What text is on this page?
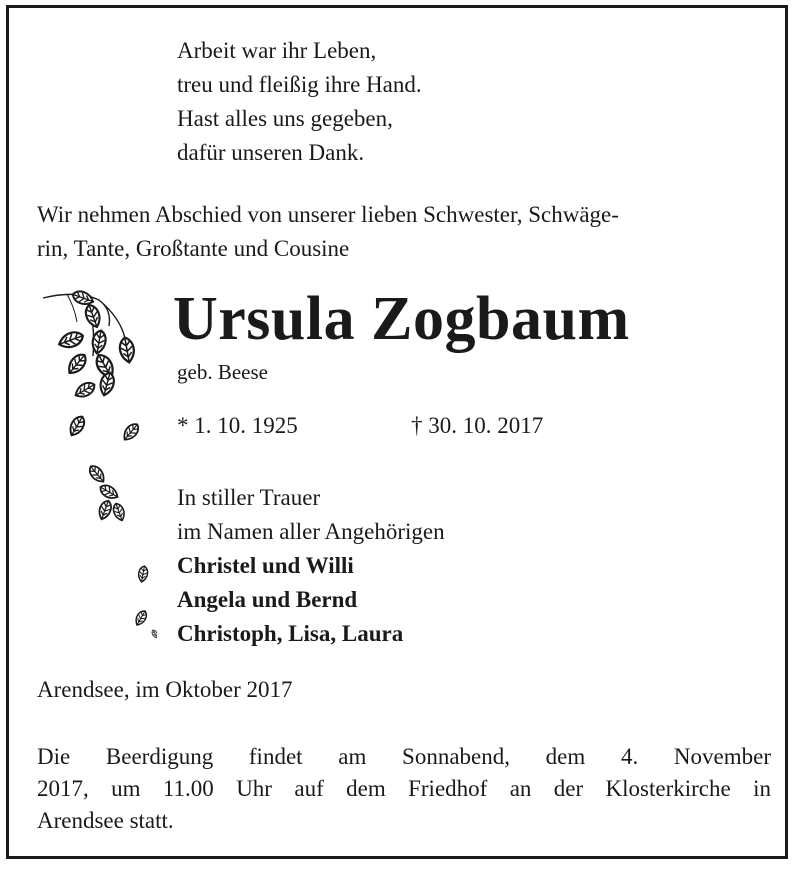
Arbeit war ihr Leben,
treu und fleißig ihre Hand.
Hast alles uns gegeben,
dafür unseren Dank.
Wir nehmen Abschied von unserer lieben Schwester, Schwäge-
rin, Tante, Großtante und Cousine
Ursula Zogbaum
geb. Beese
* 1. 10. 1925	† 30. 10. 2017
In stiller Trauer
im Namen aller Angehörigen
Christel und Willi
Angela und Bernd
Christoph, Lisa, Laura
Arendsee, im Oktober 2017
Die Beerdigung findet am Sonnabend, dem 4. November
2017, um 11.00 Uhr auf dem Friedhof an der Klosterkirche in
Arendsee statt.
